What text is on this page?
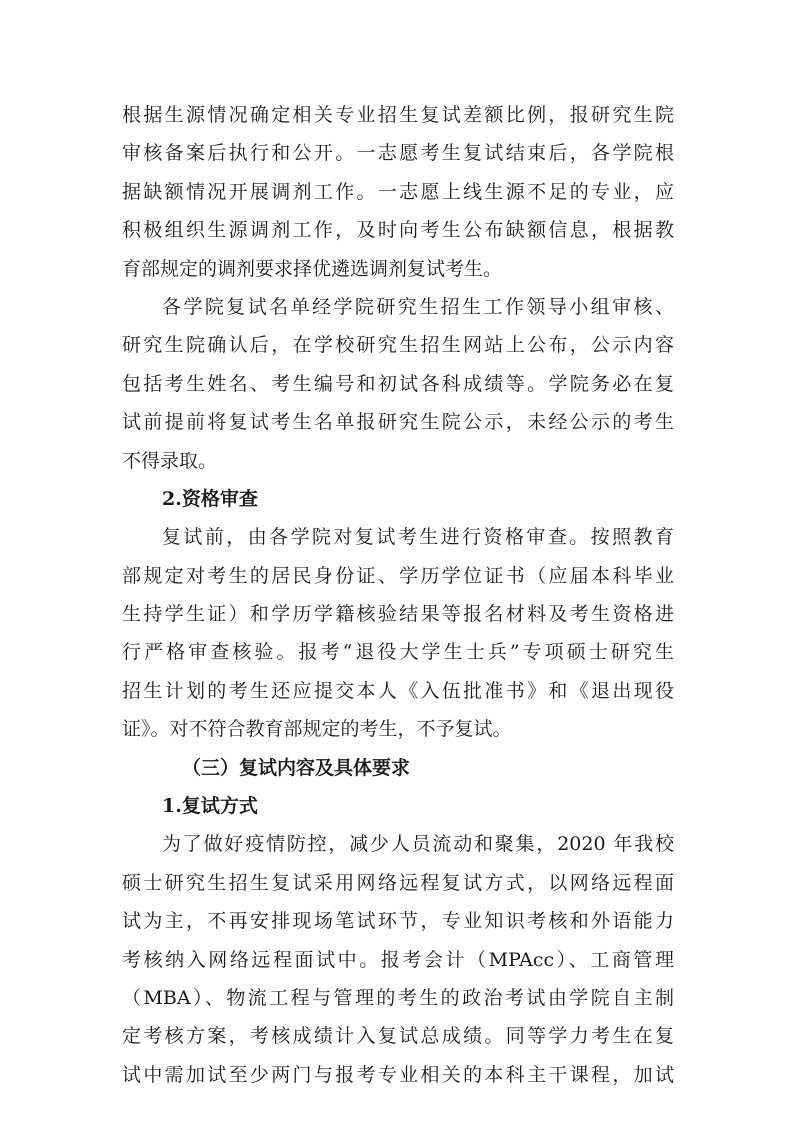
根据生源情况确定相关专业招生复试差额比例，报研究生院
审核备案后执行和公开。一志愿考生复试结束后，各学院根
据缺额情况开展调剂工作。一志愿上线生源不足的专业，应
积极组织生源调剂工作，及时向考生公布缺额信息，根据教
育部规定的调剂要求择优遴选调剂复试考生。
各学院复试名单经学院研究生招生工作领导小组审核、
研究生院确认后，在学校研究生招生网站上公布，公示内容
包括考生姓名、考生编号和初试各科成绩等。学院务必在复
试前提前将复试考生名单报研究生院公示，未经公示的考生
不得录取。
2.资格审查
复试前，由各学院对复试考生进行资格审查。按照教育
部规定对考生的居民身份证、学历学位证书（应届本科毕业
生持学生证）和学历学籍核验结果等报名材料及考生资格进
行严格审查核验。报考“退役大学生士兵”专项硕士研究生
招生计划的考生还应提交本人《入伍批准书》和《退出现役
证》。对不符合教育部规定的考生，不予复试。
（三）复试内容及具体要求
1.复试方式
为了做好疫情防控，减少人员流动和聚集，2020 年我校
硕士研究生招生复试采用网络远程复试方式，以网络远程面
试为主，不再安排现场笔试环节，专业知识考核和外语能力
考核纳入网络远程面试中。报考会计（MPAcc）、工商管理
（MBA）、物流工程与管理的考生的政治考试由学院自主制
定考核方案，考核成绩计入复试总成绩。同等学力考生在复
试中需加试至少两门与报考专业相关的本科主干课程，加试
